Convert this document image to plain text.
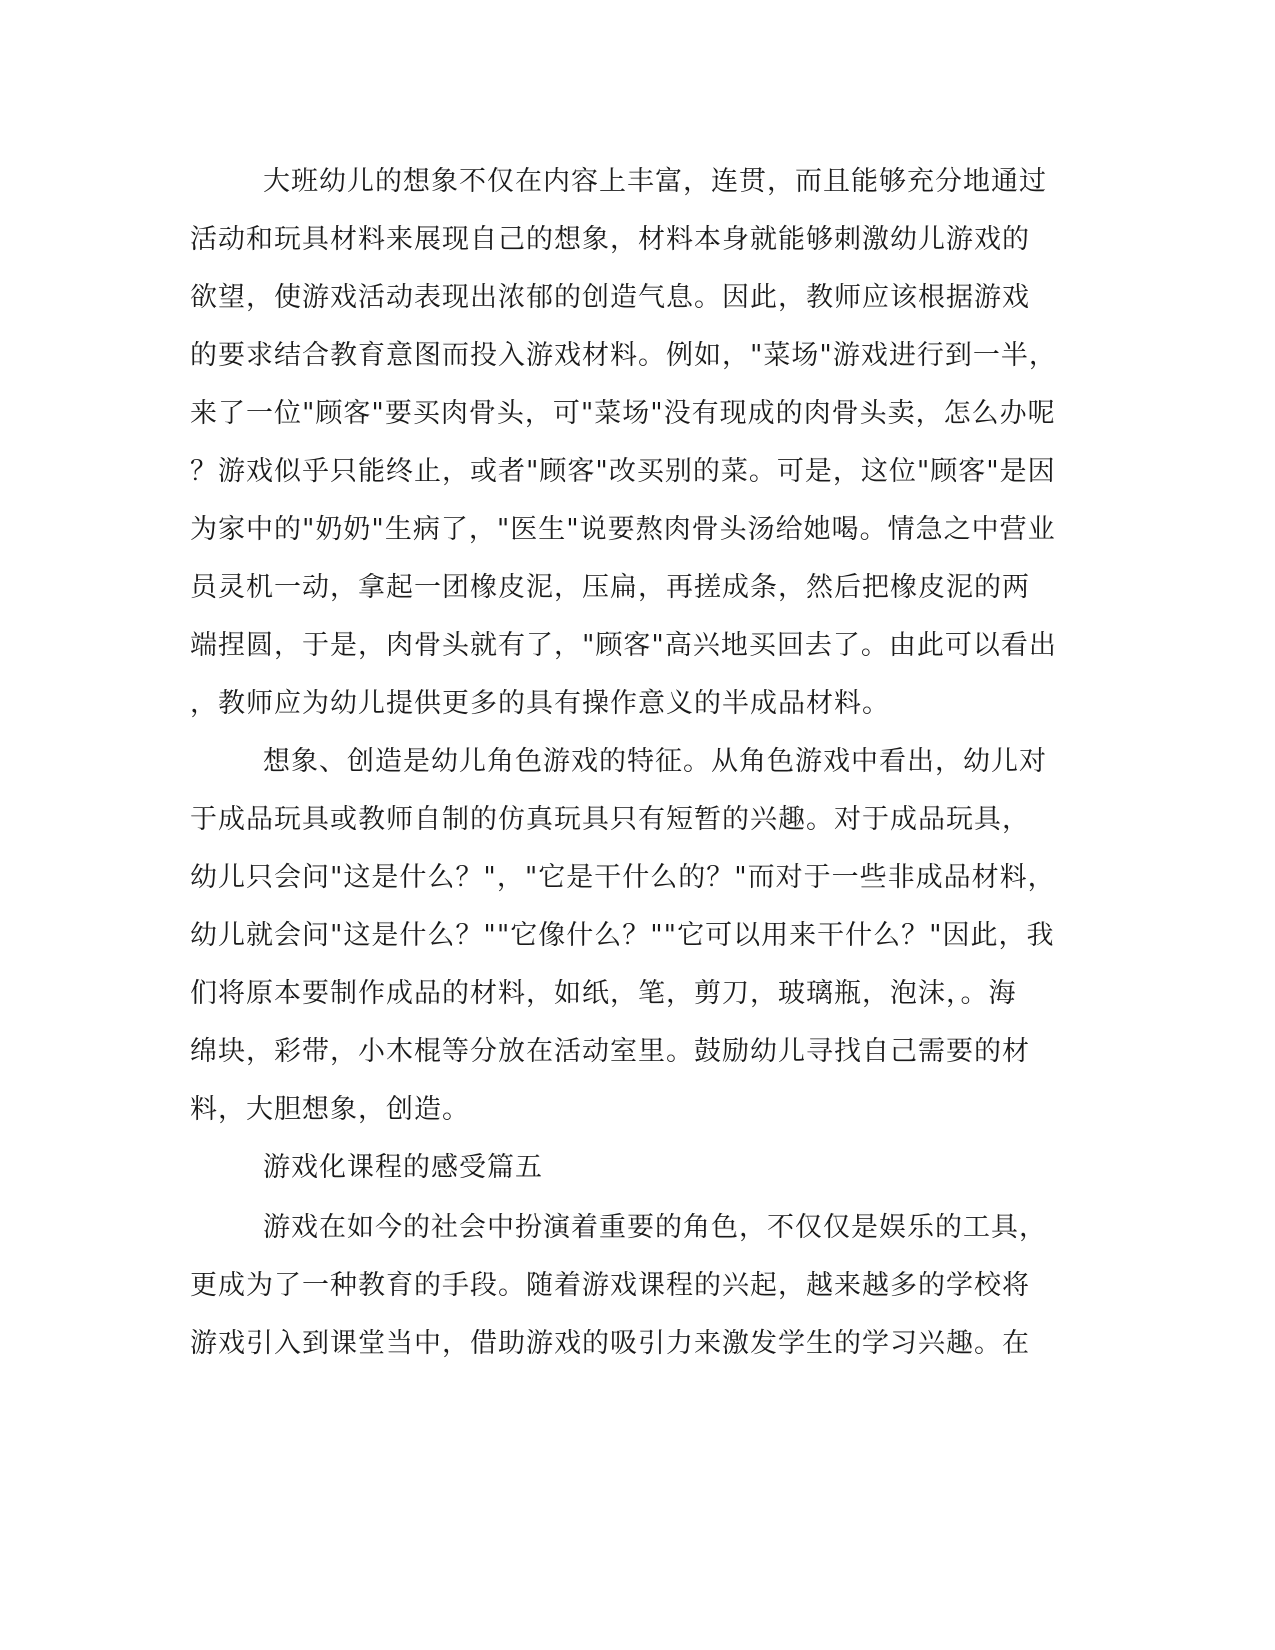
大班幼儿的想象不仅在内容上丰富，连贯，而且能够充分地通过
活动和玩具材料来展现自己的想象，材料本身就能够刺激幼儿游戏的
欲望，使游戏活动表现出浓郁的创造气息。因此，教师应该根据游戏
的要求结合教育意图而投入游戏材料。例如，"菜场"游戏进行到一半，
来了一位"顾客"要买肉骨头，可"菜场"没有现成的肉骨头卖，怎么办呢
？游戏似乎只能终止，或者"顾客"改买别的菜。可是，这位"顾客"是因
为家中的"奶奶"生病了，"医生"说要熬肉骨头汤给她喝。情急之中营业
员灵机一动，拿起一团橡皮泥，压扁，再搓成条，然后把橡皮泥的两
端捏圆，于是，肉骨头就有了，"顾客"高兴地买回去了。由此可以看出
，教师应为幼儿提供更多的具有操作意义的半成品材料。
想象、创造是幼儿角色游戏的特征。从角色游戏中看出，幼儿对
于成品玩具或教师自制的仿真玩具只有短暂的兴趣。对于成品玩具，
幼儿只会问"这是什么？"，"它是干什么的？"而对于一些非成品材料，
幼儿就会问"这是什么？""它像什么？""它可以用来干什么？"因此，我
们将原本要制作成品的材料，如纸，笔，剪刀，玻璃瓶，泡沫，。海
绵块，彩带，小木棍等分放在活动室里。鼓励幼儿寻找自己需要的材
料，大胆想象，创造。
游戏化课程的感受篇五
游戏在如今的社会中扮演着重要的角色，不仅仅是娱乐的工具，
更成为了一种教育的手段。随着游戏课程的兴起，越来越多的学校将
游戏引入到课堂当中，借助游戏的吸引力来激发学生的学习兴趣。在
